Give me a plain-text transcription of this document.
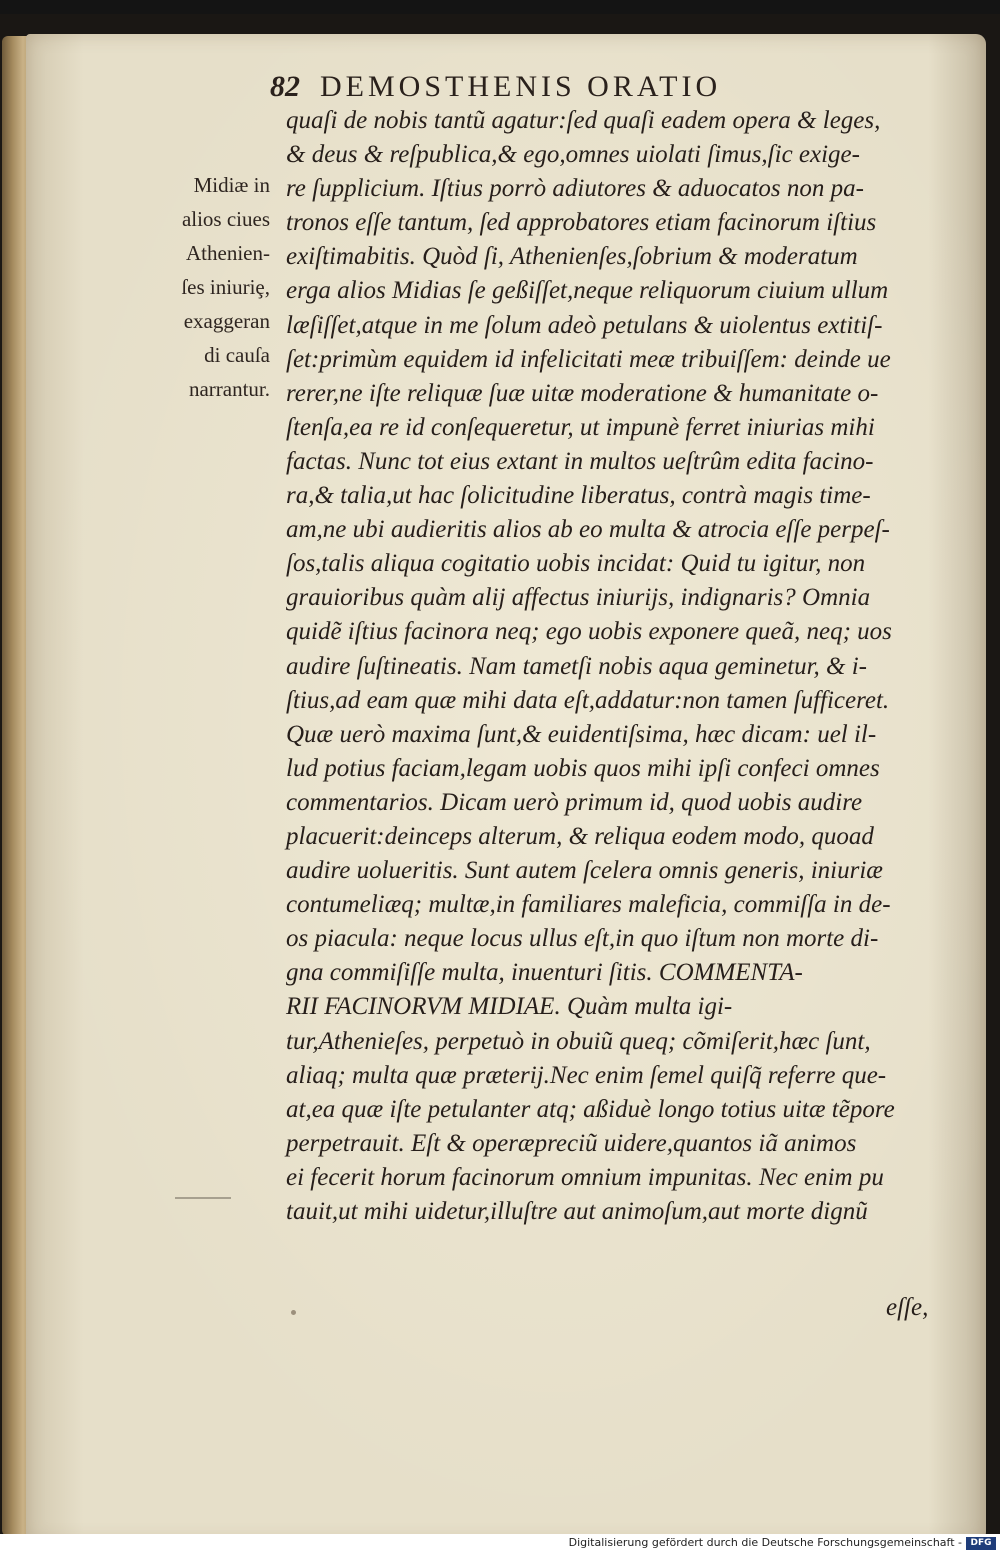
82 DEMOSTHENIS ORATIO
Midiæ in
alios ciues
Athenien-
ſes iniuriȩ,
exaggeran
di cauſa
narrantur.
quaſi de nobis tantũ agatur:ſed quaſi eadem opera & leges,
& deus & reſpublica,& ego,omnes uiolati ſimus,ſic exige-
re ſupplicium. Iſtius porrò adiutores & aduocatos non pa-
tronos eſſe tantum, ſed approbatores etiam facinorum iſtius
exiſtimabitis. Quòd ſi, Athenienſes,ſobrium & moderatum
erga alios Midias ſe geßiſſet,neque reliquorum ciuium ullum
læſiſſet,atque in me ſolum adeò petulans & uiolentus extitiſ-
ſet:primùm equidem id infelicitati meæ tribuiſſem: deinde ue
rerer,ne iſte reliquæ ſuæ uitæ moderatione & humanitate o-
ſtenſa,ea re id conſequeretur, ut impunè ferret iniurias mihi
factas. Nunc tot eius extant in multos ueſtrûm edita facino-
ra,& talia,ut hac ſolicitudine liberatus, contrà magis time-
am,ne ubi audieritis alios ab eo multa & atrocia eſſe perpeſ-
ſos,talis aliqua cogitatio uobis incidat: Quid tu igitur, non
grauioribus quàm alij affectus iniurijs, indignaris? Omnia
quidẽ iſtius facinora neq; ego uobis exponere queã, neq; uos
audire ſuſtineatis. Nam tametſi nobis aqua geminetur, & i-
ſtius,ad eam quæ mihi data eſt,addatur:non tamen ſufficeret.
Quæ uerò maxima ſunt,& euidentiſsima, hæc dicam: uel il-
lud potius faciam,legam uobis quos mihi ipſi confeci omnes
commentarios. Dicam uerò primum id, quod uobis audire
placuerit:deinceps alterum, & reliqua eodem modo, quoad
audire uolueritis. Sunt autem ſcelera omnis generis, iniuriæ
contumeliæq; multæ,in familiares maleficia, commiſſa in de-
os piacula: neque locus ullus eſt,in quo iſtum non morte di-
gna commiſiſſe multa, inuenturi ſitis. COMMENTA-
RII FACINORVM MIDIAE. Quàm multa igi-
tur,Athenieſes, perpetuò in obuiũ queq; cõmiſerit,hæc ſunt,
aliaq; multa quæ præterij.Nec enim ſemel quiſq̃ referre que-
at,ea quæ iſte petulanter atq; aßiduè longo totius uitæ tẽpore
perpetrauit. Eſt & operæpreciũ uidere,quantos iã animos
ei fecerit horum facinorum omnium impunitas. Nec enim pu
tauit,ut mihi uidetur,illuſtre aut animoſum,aut morte dignũ
eſſe,
Digitalisierung gefördert durch die Deutsche Forschungsgemeinschaft - DFG
